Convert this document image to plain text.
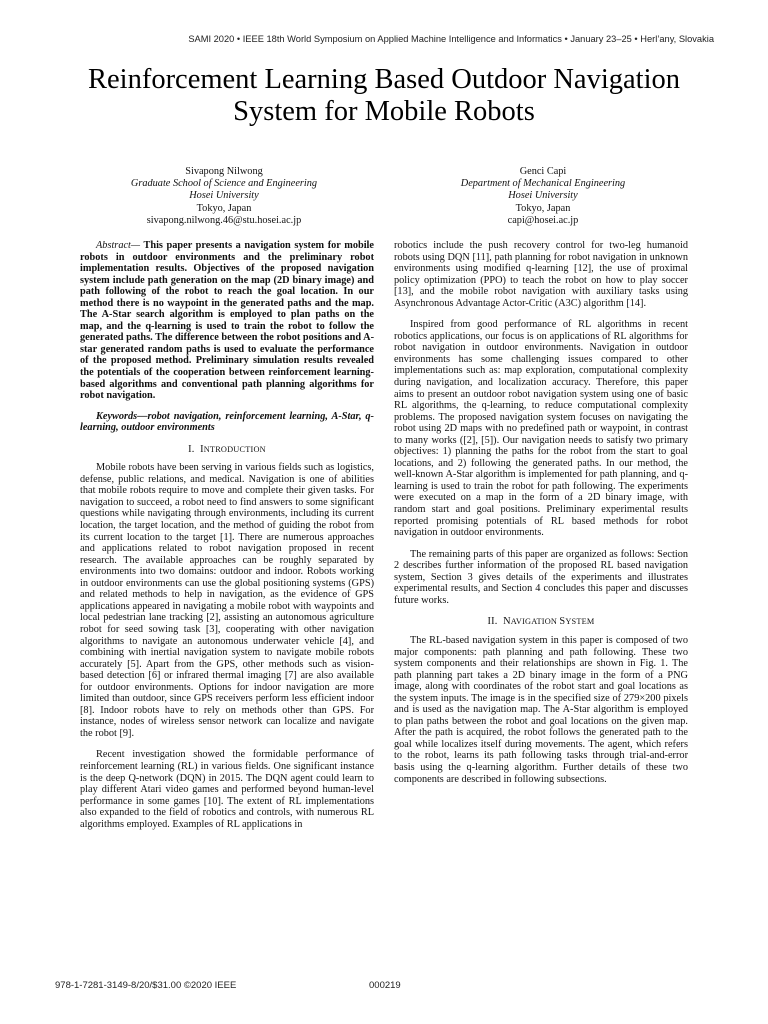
SAMI 2020 • IEEE 18th World Symposium on Applied Machine Intelligence and Informatics • January 23–25 • Herl’any, Slovakia
Reinforcement Learning Based Outdoor Navigation
System for Mobile Robots
Sivapong Nilwong
Graduate School of Science and Engineering
Hosei University
Tokyo, Japan
sivapong.nilwong.46@stu.hosei.ac.jp
Genci Capi
Department of Mechanical Engineering
Hosei University
Tokyo, Japan
capi@hosei.ac.jp

Abstract— This paper presents a navigation system for mobile robots in outdoor environments and the preliminary robot implementation results. Objectives of the proposed navigation system include path generation on the map (2D binary image) and path following of the robot to reach the goal location. In our method there is no waypoint in the generated paths and the map. The A-Star search algorithm is employed to plan paths on the map, and the q-learning is used to train the robot to follow the generated paths. The difference between the robot positions and A-star generated random paths is used to evaluate the performance of the proposed method. Preliminary simulation results revealed the potentials of the cooperation between reinforcement learning-based algorithms and conventional path planning algorithms for robot navigation.

Keywords—robot navigation, reinforcement learning, A-Star, q-learning, outdoor environments

I. INTRODUCTION

Mobile robots have been serving in various fields such as logistics, defense, public relations, and medical. Navigation is one of abilities that mobile robots require to move and complete their given tasks. For navigation to succeed, a robot need to find answers to some significant questions while navigating through environments, including its current location, the target location, and the method of guiding the robot from its current location to the target [1]. There are numerous approaches and applications related to robot navigation proposed in recent research. The available approaches can be roughly separated by environments into two domains: outdoor and indoor. Robots working in outdoor environments can use the global positioning systems (GPS) and related methods to help in navigation, as the evidence of GPS applications appeared in navigating a mobile robot with waypoints and local pedestrian lane tracking [2], assisting an autonomous agriculture robot for seed sowing task [3], cooperating with other navigation algorithms to navigate an autonomous underwater vehicle [4], and combining with inertial navigation system to navigate mobile robots accurately [5]. Apart from the GPS, other methods such as vision-based detection [6] or infrared thermal imaging [7] are also available for outdoor environments. Options for indoor navigation are more limited than outdoor, since GPS receivers perform less efficient indoor [8]. Indoor robots have to rely on methods other than GPS. For instance, nodes of wireless sensor network can localize and navigate the robot [9].

Recent investigation showed the formidable performance of reinforcement learning (RL) in various fields. One significant instance is the deep Q-network (DQN) in 2015. The DQN agent could learn to play different Atari video games and performed beyond human-level performance in some games [10]. The extent of RL implementations also expanded to the field of robotics and controls, with numerous RL algorithms employed. Examples of RL applications in

robotics include the push recovery control for two-leg humanoid robots using DQN [11], path planning for robot navigation in unknown environments using modified q-learning [12], the use of proximal policy optimization (PPO) to teach the robot on how to play soccer [13], and the mobile robot navigation with auxiliary tasks using Asynchronous Advantage Actor-Critic (A3C) algorithm [14].

Inspired from good performance of RL algorithms in recent robotics applications, our focus is on applications of RL algorithms for robot navigation in outdoor environments. Navigation in outdoor environments has some challenging issues compared to other implementations such as: map exploration, computational complexity during navigation, and localization accuracy. Therefore, this paper aims to present an outdoor robot navigation system using one of basic RL algorithms, the q-learning, to reduce computational complexity problems. The proposed navigation system focuses on navigating the robot using 2D maps with no predefined path or waypoint, in contrast to many works ([2], [5]). Our navigation needs to satisfy two primary objectives: 1) planning the paths for the robot from the start to goal locations, and 2) following the generated paths. In our method, the well-known A-Star algorithm is implemented for path planning, and q-learning is used to train the robot for path following. The experiments were executed on a map in the form of a 2D binary image, with random start and goal positions. Preliminary experimental results reported promising potentials of RL based methods for robot navigation in outdoor environments.

The remaining parts of this paper are organized as follows: Section 2 describes further information of the proposed RL based navigation system, Section 3 gives details of the experiments and illustrates experimental results, and Section 4 concludes this paper and discusses future works.

II. NAVIGATION SYSTEM

The RL-based navigation system in this paper is composed of two major components: path planning and path following. These two system components and their relationships are shown in Fig. 1. The path planning part takes a 2D binary image in the form of a PNG image, along with coordinates of the robot start and goal locations as the system inputs. The image is in the specified size of 279×200 pixels and is used as the navigation map. The A-Star algorithm is employed to plan paths between the robot and goal locations on the given map. After the path is acquired, the robot follows the generated path to the goal while localizes itself during movements. The agent, which refers to the robot, learns its path following tasks through trial-and-error basis using the q-learning algorithm. Further details of these two components are described in following subsections.

978-1-7281-3149-8/20/$31.00 ©2020 IEEE	000219
